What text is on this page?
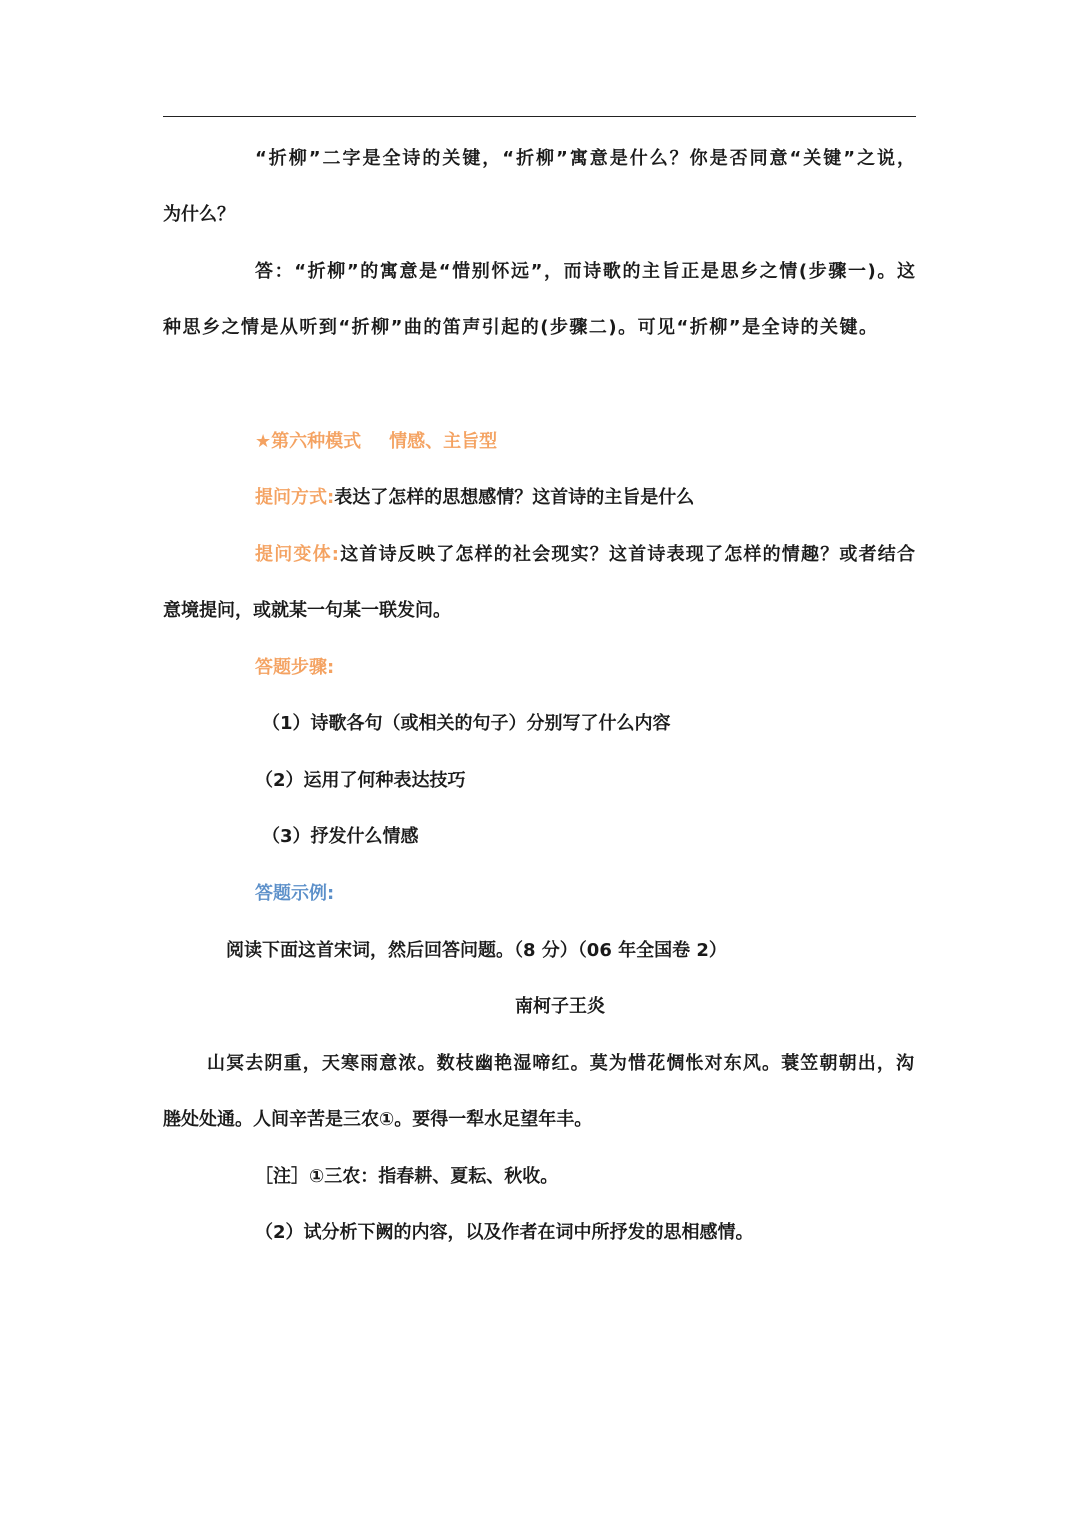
“折柳”二字是全诗的关键，“折柳”寓意是什么？你是否同意“关键”之说，
为什么？
答：“折柳”的寓意是“惜别怀远”，而诗歌的主旨正是思乡之情(步骤一)。这
种思乡之情是从听到“折柳”曲的笛声引起的(步骤二)。可见“折柳”是全诗的关键。
★第六种模式 情感、主旨型
提问方式:表达了怎样的思想感情？这首诗的主旨是什么
提问变体:这首诗反映了怎样的社会现实？这首诗表现了怎样的情趣？或者结合
意境提问，或就某一句某一联发问。
答题步骤:
（1）诗歌各句（或相关的句子）分别写了什么内容
（2）运用了何种表达技巧
（3）抒发什么情感
答题示例:
阅读下面这首宋词，然后回答问题。（8 分）（06 年全国卷 2）
南柯子王炎
山冥去阴重，天寒雨意浓。数枝幽艳湿啼红。莫为惜花惆怅对东风。蓑笠朝朝出，沟
塍处处通。人间辛苦是三农①。要得一犁水足望年丰。
［注］①三农：指春耕、夏耘、秋收。
（2）试分析下阙的内容，以及作者在词中所抒发的思相感情。
